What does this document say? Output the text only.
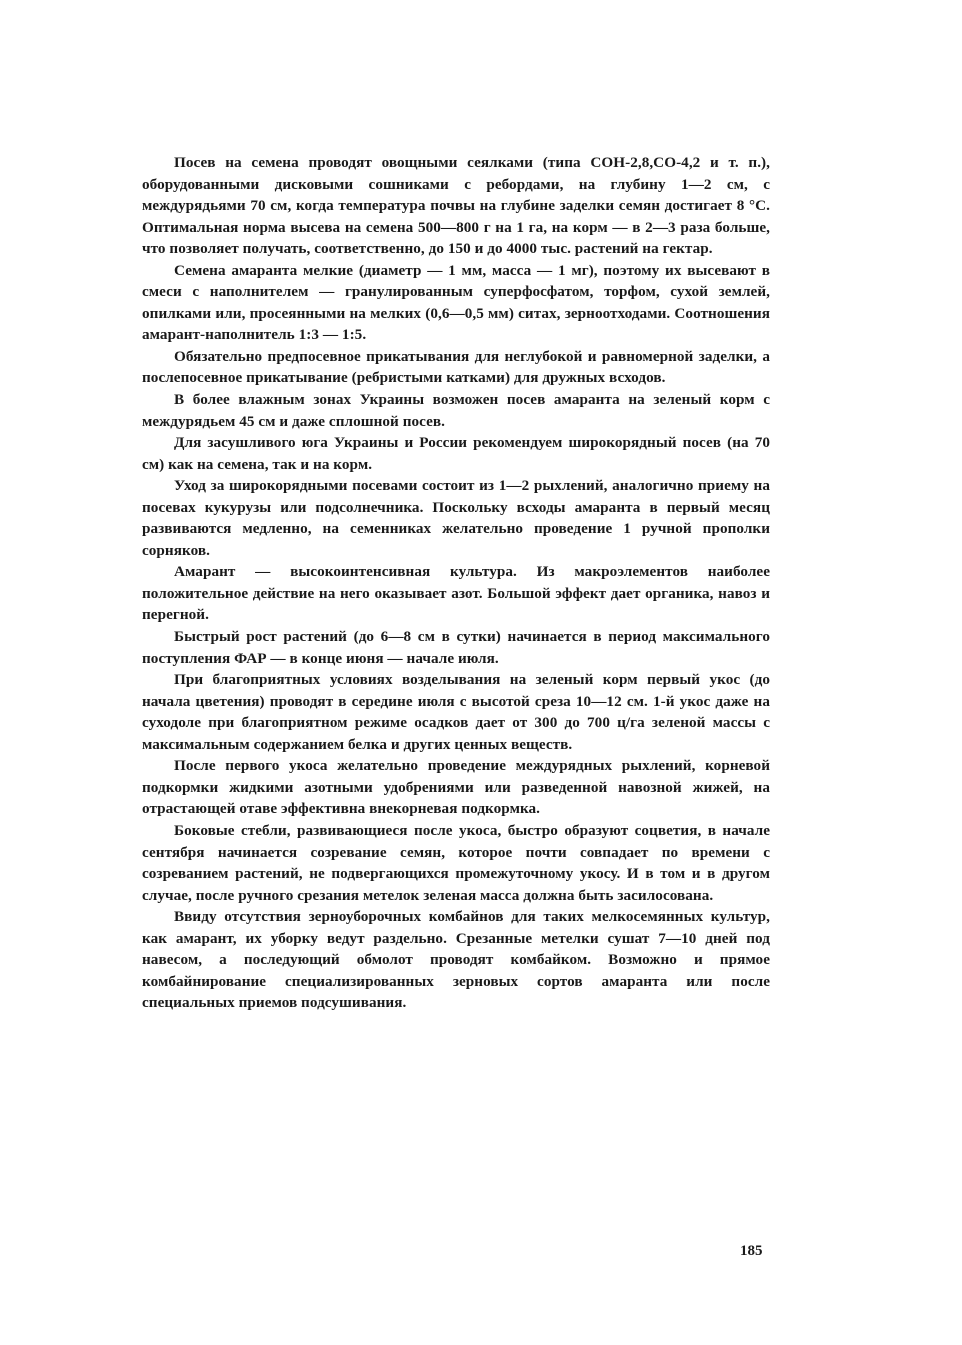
Посев на семена проводят овощными сеялками (типа СОН-2,8,СО-4,2 и т. п.), оборудованными дисковыми сошниками с ребордами, на глубину 1—2 см, с междурядьями 70 см, когда температура почвы на глубине заделки семян достигает 8 °С. Оптимальная норма высева на семена 500—800 г на 1 га, на корм — в 2—3 раза больше, что позволяет получать, соответственно, до 150 и до 4000 тыс. растений на гектар.

Семена амаранта мелкие (диаметр — 1 мм, масса — 1 мг), поэтому их высевают в смеси с наполнителем — гранулированным суперфосфатом, торфом, сухой землей, опилками или, просеянными на мелких (0,6—0,5 мм) ситах, зерноотходами. Соотношения амарант-наполнитель 1:3 — 1:5.

Обязательно предпосевное прикатывания для неглубокой и равномерной заделки, а послепосевное прикатывание (ребристыми катками) для дружных всходов.

В более влажным зонах Украины возможен посев амаранта на зеленый корм с междурядьем 45 см и даже сплошной посев.

Для засушливого юга Украины и России рекомендуем широкорядный посев (на 70 см) как на семена, так и на корм.

Уход за широкорядными посевами состоит из 1—2 рыхлений, аналогично приему на посевах кукурузы или подсолнечника. Поскольку всходы амаранта в первый месяц развиваются медленно, на семенниках желательно проведение 1 ручной прополки сорняков.

Амарант — высокоинтенсивная культура. Из макроэлементов наиболее положительное действие на него оказывает азот. Большой эффект дает органика, навоз и перегной.

Быстрый рост растений (до 6—8 см в сутки) начинается в период максимального поступления ФАР — в конце июня — начале июля.

При благоприятных условиях возделывания на зеленый корм первый укос (до начала цветения) проводят в середине июля с высотой среза 10—12 см. 1-й укос даже на суходоле при благоприятном режиме осадков дает от 300 до 700 ц/га зеленой массы с максимальным содержанием белка и других ценных веществ.

После первого укоса желательно проведение междурядных рыхлений, корневой подкормки жидкими азотными удобрениями или разведенной навозной жижей, на отрастающей отаве эффективна внекорневая подкормка.

Боковые стебли, развивающиеся после укоса, быстро образуют соцветия, в начале сентября начинается созревание семян, которое почти совпадает по времени с созреванием растений, не подвергающихся промежуточному укосу. И в том и в другом случае, после ручного срезания метелок зеленая масса должна быть засилосована.

Ввиду отсутствия зерноуборочных комбайнов для таких мелкосемянных культур, как амарант, их уборку ведут раздельно. Срезанные метелки сушат 7—10 дней под навесом, а последующий обмолот проводят комбайком. Возможно и прямое комбайнирование специализированных зерновых сортов амаранта или после специальных приемов подсушивания.

185
